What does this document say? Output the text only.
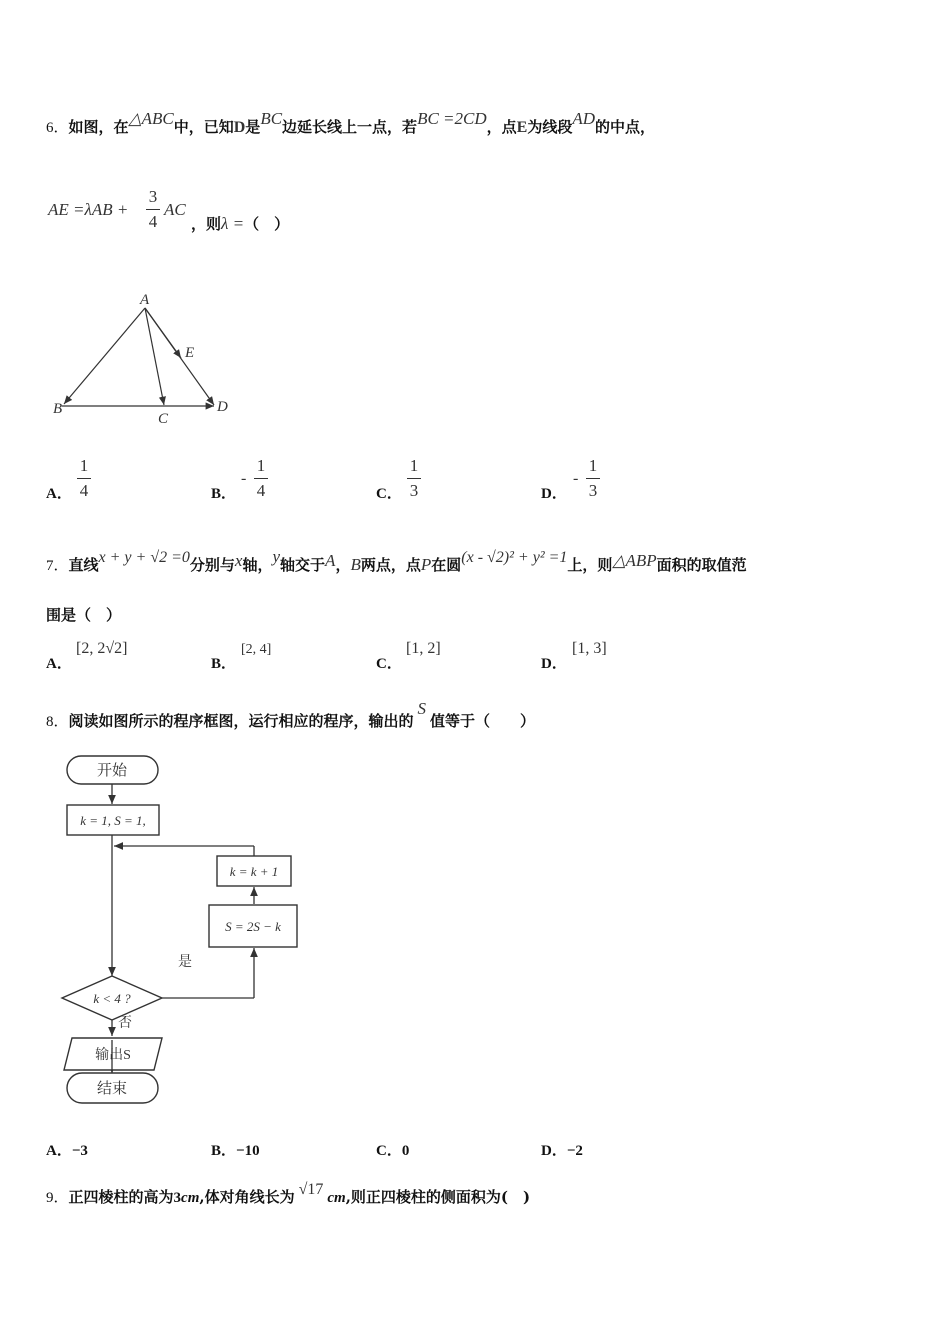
6．如图，在△ABC中，已知D是BC边延长线上一点，若BC =2CD，点E为线段AD的中点，
AE =λAB +
3
4
AC
，则λ =（　）
A
B
C
D
E
A．
1
4	B．
-
1
4	C．
1
3	D．
-
1
3
7．直线x + y + √2 =0分别与x轴，y轴交于A，B两点，点P在圆(x - √2)² + y² =1上，则△ABP面积的取值范
围是（　）
A．
[2, 2√2]
B．
[2, 4]
C．
[1, 2]
D．
[1, 3]
8．阅读如图所示的程序框图，运行相应的程序，输出的S值等于（　　）
开始
k = 1, S = 1,
k = k + 1
S = 2S − k
k < 4 ?
是
否
输出S
结束
A．−3	B．−10	C．0	D．−2
9．正四棱柱的高为3cm,体对角线长为 √17 cm,则正四棱柱的侧面积为(　)
